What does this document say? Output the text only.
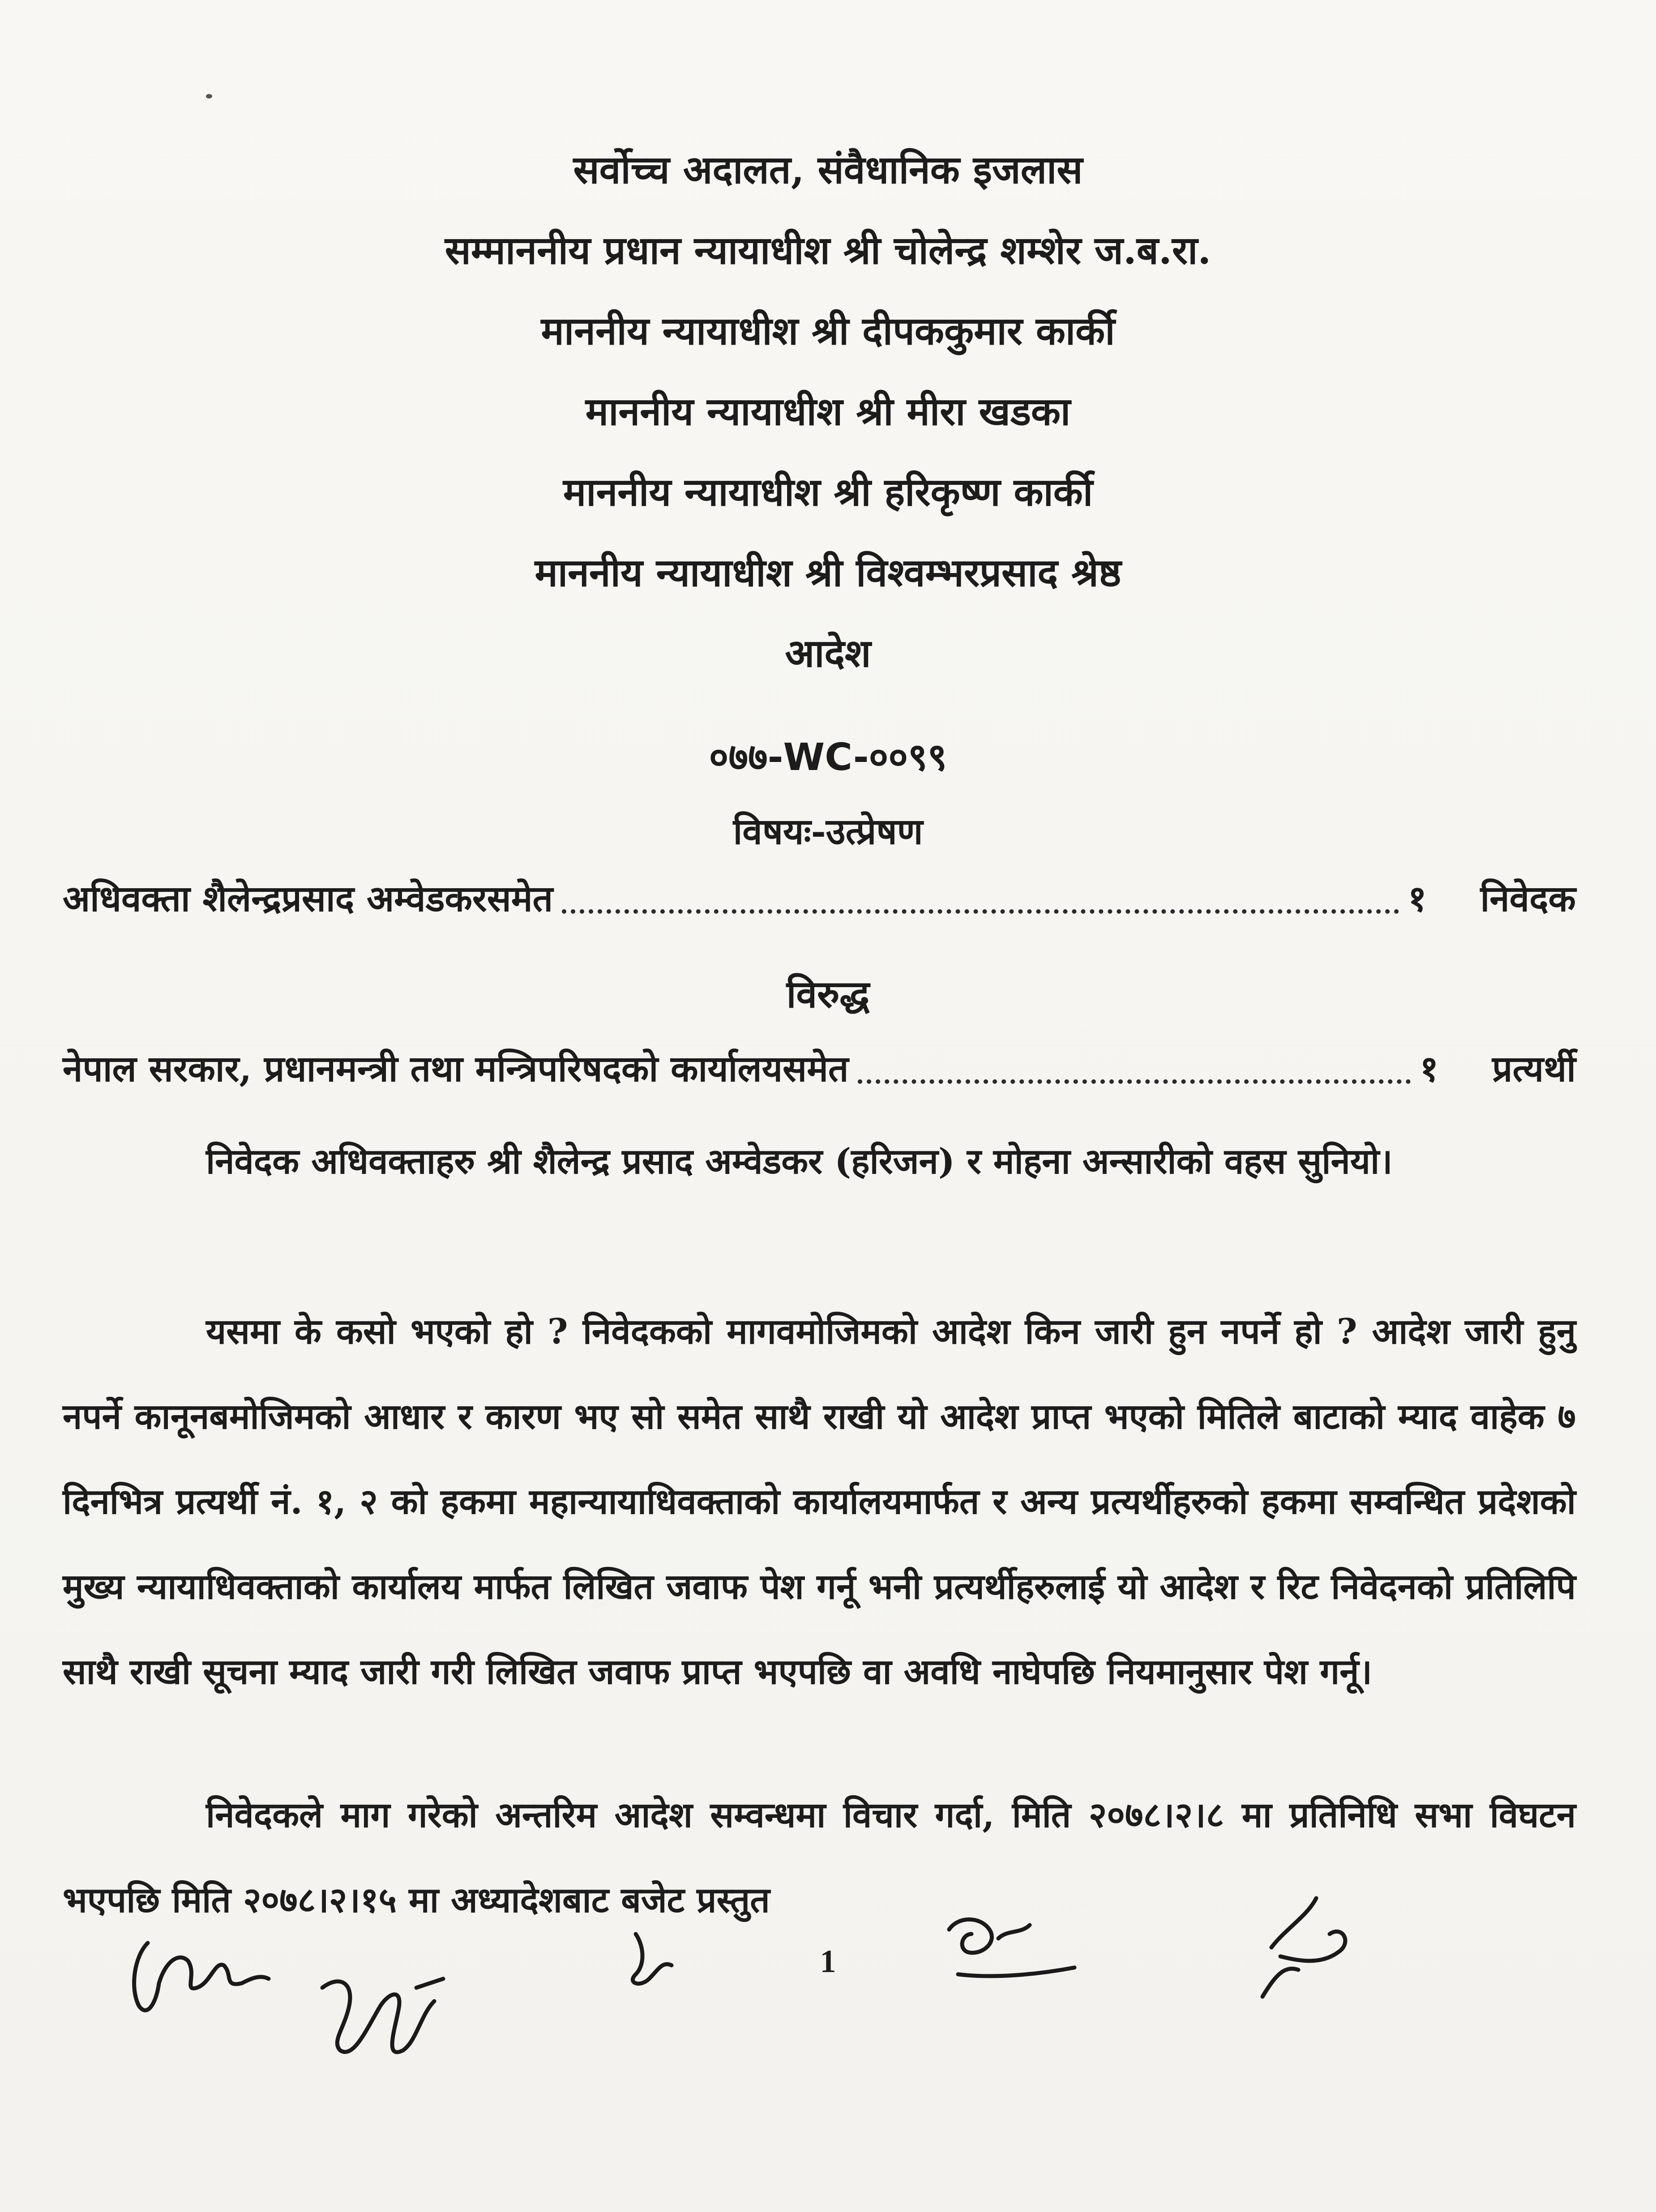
सर्वोच्च अदालत, संवैधानिक इजलास
सम्माननीय प्रधान न्यायाधीश श्री चोलेन्द्र शम्शेर ज.ब.रा.
माननीय न्यायाधीश श्री दीपककुमार कार्की
माननीय न्यायाधीश श्री मीरा खडका
माननीय न्यायाधीश श्री हरिकृष्ण कार्की
माननीय न्यायाधीश श्री विश्वम्भरप्रसाद श्रेष्ठ
आदेश
०७७-WC-००९९
विषयः-उत्प्रेषण
अधिवक्ता शैलेन्द्रप्रसाद अम्वेडकरसमेत	१ निवेदक
विरुद्ध
नेपाल सरकार, प्रधानमन्त्री तथा मन्त्रिपरिषदको कार्यालयसमेत	१ प्रत्यर्थी
निवेदक अधिवक्ताहरु श्री शैलेन्द्र प्रसाद अम्वेडकर (हरिजन) र मोहना अन्सारीको वहस सुनियो।
यसमा के कसो भएको हो ? निवेदकको मागवमोजिमको आदेश किन जारी हुन नपर्ने हो ? आदेश जारी हुनु नपर्ने कानूनबमोजिमको आधार र कारण भए सो समेत साथै राखी यो आदेश प्राप्त भएको मितिले बाटाको म्याद वाहेक ७ दिनभित्र प्रत्यर्थी नं. १, २ को हकमा महान्यायाधिवक्ताको कार्यालयमार्फत र अन्य प्रत्यर्थीहरुको हकमा सम्वन्धित प्रदेशको मुख्य न्यायाधिवक्ताको कार्यालय मार्फत लिखित जवाफ पेश गर्नू भनी प्रत्यर्थीहरुलाई यो आदेश र रिट निवेदनको प्रतिलिपि साथै राखी सूचना म्याद जारी गरी लिखित जवाफ प्राप्त भएपछि वा अवधि नाघेपछि नियमानुसार पेश गर्नू।
निवेदकले माग गरेको अन्तरिम आदेश सम्वन्धमा विचार गर्दा, मिति २०७८।२।८ मा प्रतिनिधि सभा विघटन भएपछि मिति २०७८।२।१५ मा अध्यादेशबाट बजेट प्रस्तुत
1
